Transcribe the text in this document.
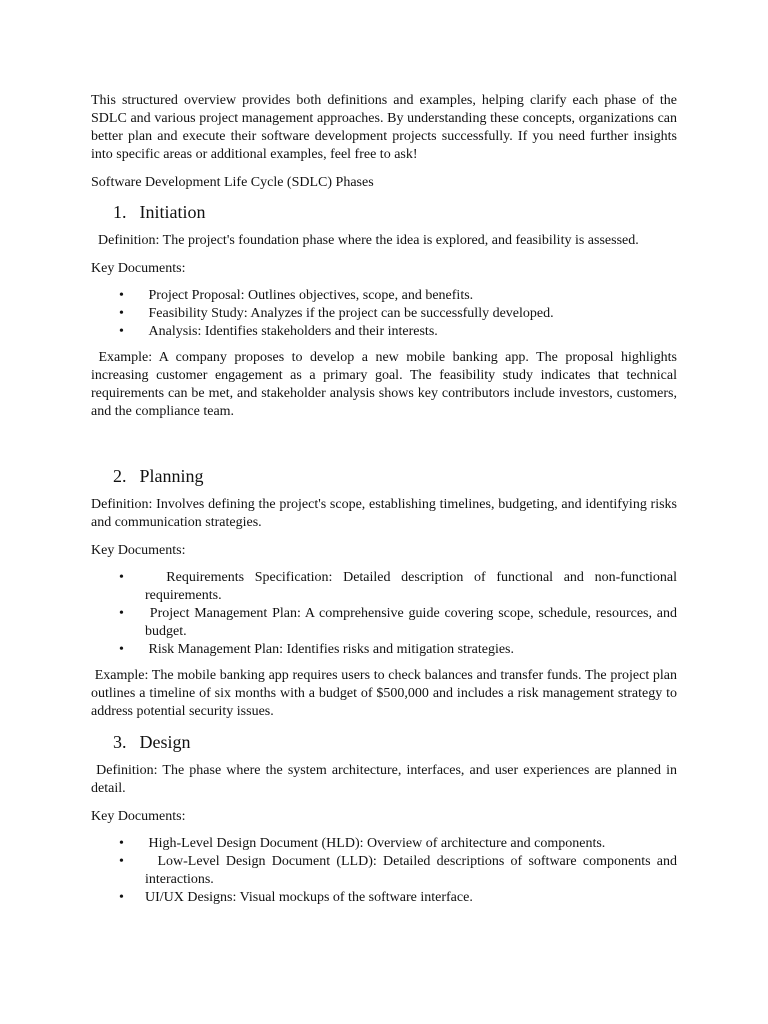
This structured overview provides both definitions and examples, helping clarify each phase of the SDLC and various project management approaches. By understanding these concepts, organizations can better plan and execute their software development projects successfully. If you need further insights into specific areas or additional examples, feel free to ask!

Software Development Life Cycle (SDLC) Phases

1. Initiation

Definition: The project's foundation phase where the idea is explored, and feasibility is assessed.

Key Documents:

• Project Proposal: Outlines objectives, scope, and benefits.
• Feasibility Study: Analyzes if the project can be successfully developed.
• Analysis: Identifies stakeholders and their interests.

Example: A company proposes to develop a new mobile banking app. The proposal highlights increasing customer engagement as a primary goal. The feasibility study indicates that technical requirements can be met, and stakeholder analysis shows key contributors include investors, customers, and the compliance team.

2. Planning

Definition: Involves defining the project's scope, establishing timelines, budgeting, and identifying risks and communication strategies.

Key Documents:

• Requirements Specification: Detailed description of functional and non-functional requirements.
• Project Management Plan: A comprehensive guide covering scope, schedule, resources, and budget.
• Risk Management Plan: Identifies risks and mitigation strategies.

Example: The mobile banking app requires users to check balances and transfer funds. The project plan outlines a timeline of six months with a budget of $500,000 and includes a risk management strategy to address potential security issues.

3. Design

Definition: The phase where the system architecture, interfaces, and user experiences are planned in detail.

Key Documents:

• High-Level Design Document (HLD): Overview of architecture and components.
• Low-Level Design Document (LLD): Detailed descriptions of software components and interactions.
• UI/UX Designs: Visual mockups of the software interface.
